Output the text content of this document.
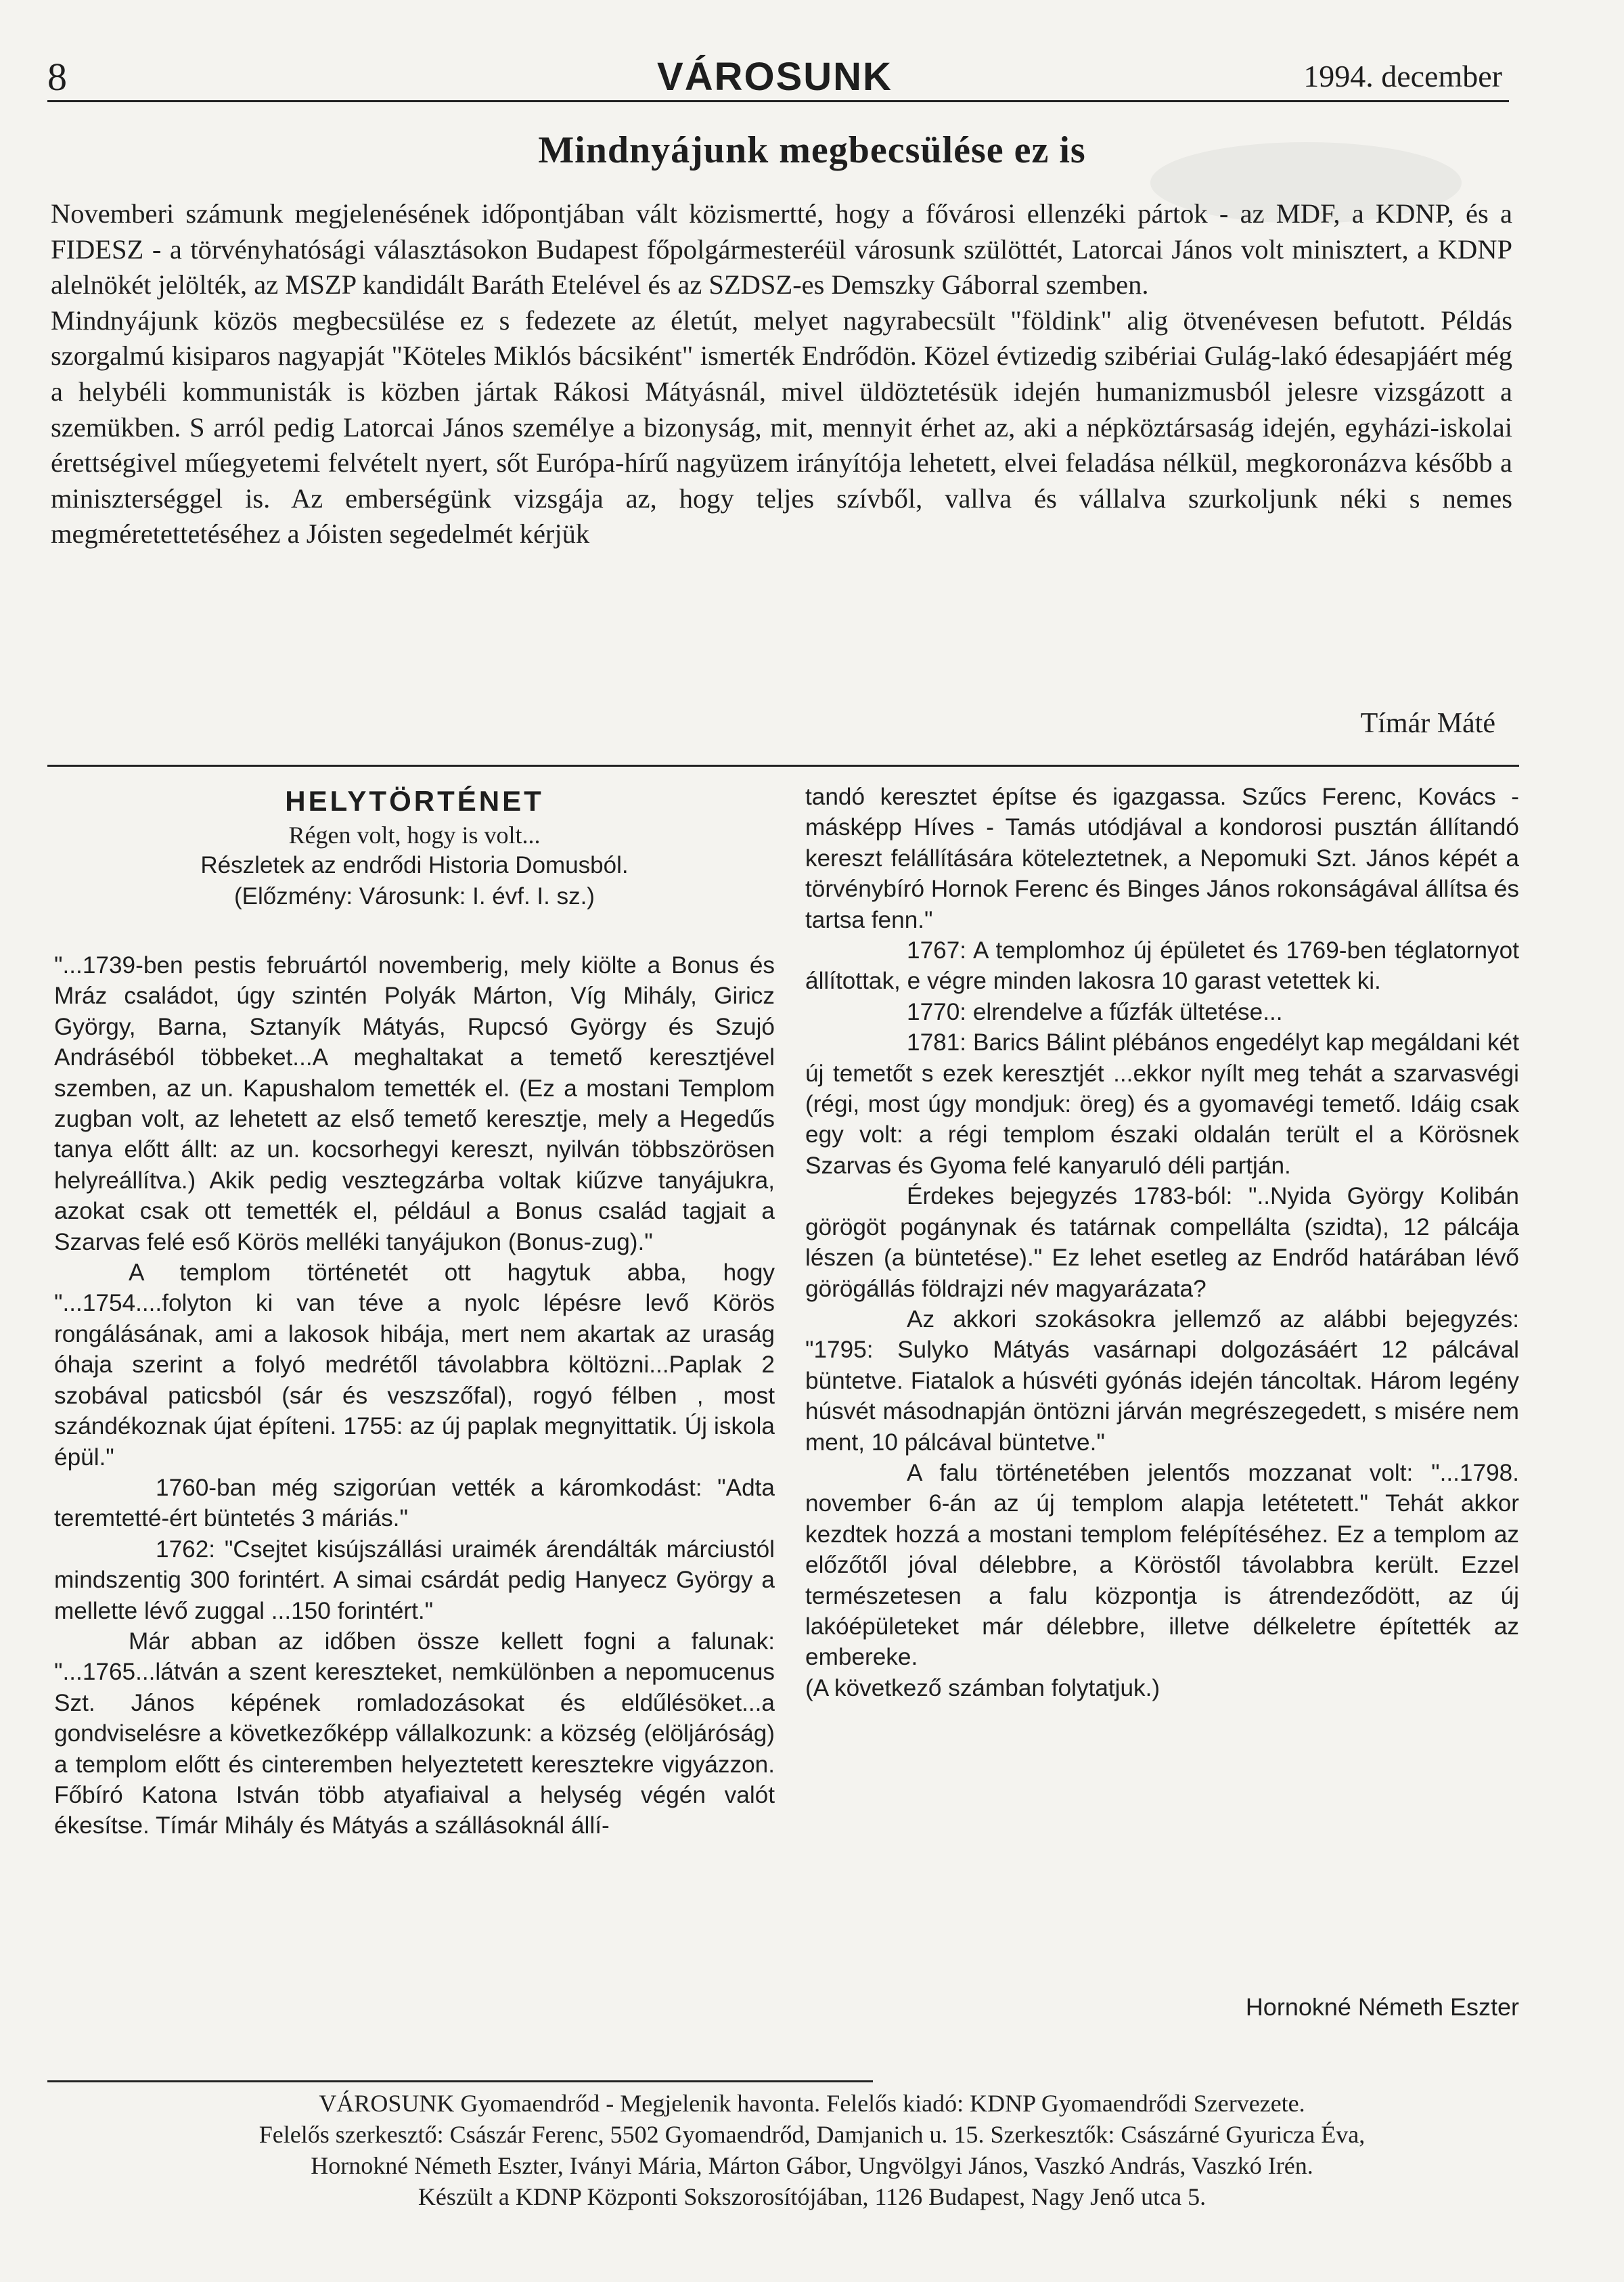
8	VÁROSUNK	1994. december
Mindnyájunk megbecsülése ez is

Novemberi számunk megjelenésének időpontjában vált közismertté, hogy a fővárosi ellenzéki pártok - az MDF, a KDNP, és a FIDESZ - a törvényhatósági választásokon Budapest főpolgármesteréül városunk szülöttét, Latorcai János volt minisztert, a KDNP alelnökét jelölték, az MSZP kandidált Baráth Etelével és az SZDSZ-es Demszky Gáborral szemben.

Mindnyájunk közös megbecsülése ez s fedezete az életút, melyet nagyrabecsült "földink" alig ötvenévesen befutott. Példás szorgalmú kisiparos nagyapját "Köteles Miklós bácsiként" ismerték Endrődön. Közel évtizedig szibériai Gulág-lakó édesapjáért még a helybéli kommunisták is közben jártak Rákosi Mátyásnál, mivel üldöztetésük idején humanizmusból jelesre vizsgázott a szemükben. S arról pedig Latorcai János személye a bizonyság, mit, mennyit érhet az, aki a népköztársaság idején, egyházi-iskolai érettségivel műegyetemi felvételt nyert, sőt Európa-hírű nagyüzem irányítója lehetett, elvei feladása nélkül, megkoronázva később a miniszterséggel is. Az emberségünk vizsgája az, hogy teljes szívből, vallva és vállalva szurkoljunk néki s nemes megméretettetéséhez a Jóisten segedelmét kérjük

Tímár Máté
HELYTÖRTÉNET
Régen volt, hogy is volt...
Részletek az endrődi Historia Domusból.
(Előzmény: Városunk: I. évf. I. sz.)

"...1739-ben pestis februártól novemberig, mely kiölte a Bonus és Mráz családot, úgy szintén Polyák Márton, Víg Mihály, Giricz György, Barna, Sztanyík Mátyás, Rupcsó György és Szujó Andráséból többeket...A meghaltakat a temető keresztjével szemben, az un. Kapushalom temették el. (Ez a mostani Templom zugban volt, az lehetett az első temető keresztje, mely a Hegedűs tanya előtt állt: az un. kocsorhegyi kereszt, nyilván többszörösen helyreállítva.) Akik pedig vesztegzárba voltak kiűzve tanyájukra, azokat csak ott temették el, például a Bonus család tagjait a Szarvas felé eső Körös melléki tanyájukon (Bonus-zug)."

A templom történetét ott hagytuk abba, hogy "...1754....folyton ki van téve a nyolc lépésre levő Körös rongálásának, ami a lakosok hibája, mert nem akartak az uraság óhaja szerint a folyó medrétől távolabbra költözni...Paplak 2 szobával paticsból (sár és veszszőfal), rogyó félben , most szándékoznak újat építeni. 1755: az új paplak megnyittatik. Új iskola épül."

1760-ban még szigorúan vették a káromkodást: "Adta teremtetté-ért büntetés 3 máriás."

1762: "Csejtet kisújszállási uraimék árendálták márciustól mindszentig 300 forintért. A simai csárdát pedig Hanyecz György a mellette lévő zuggal ...150 forintért."

Már abban az időben össze kellett fogni a falunak: "...1765...látván a szent kereszteket, nemkülönben a nepomucenus Szt. János képének romladozásokat és eldűlésöket...a gondviselésre a következőképp vállalkozunk: a község (elöljáróság) a templom előtt és cinteremben helyeztetett keresztekre vigyázzon. Főbíró Katona István több atyafiaival a helység végén valót ékesítse. Tímár Mihály és Mátyás a szállásoknál állí-

tandó keresztet építse és igazgassa. Szűcs Ferenc, Kovács - másképp Híves - Tamás utódjával a kondorosi pusztán állítandó kereszt felállítására köteleztetnek, a Nepomuki Szt. János képét a törvénybíró Hornok Ferenc és Binges János rokonságával állítsa és tartsa fenn."

1767: A templomhoz új épületet és 1769-ben téglatornyot állítottak, e végre minden lakosra 10 garast vetettek ki.

1770: elrendelve a fűzfák ültetése...

1781: Barics Bálint plébános engedélyt kap megáldani két új temetőt s ezek keresztjét ...ekkor nyílt meg tehát a szarvasvégi (régi, most úgy mondjuk: öreg) és a gyomavégi temető. Idáig csak egy volt: a régi templom északi oldalán terült el a Körösnek Szarvas és Gyoma felé kanyaruló déli partján.

Érdekes bejegyzés 1783-ból: "..Nyida György Kolibán görögöt pogánynak és tatárnak compellálta (szidta), 12 pálcája lészen (a büntetése)." Ez lehet esetleg az Endrőd határában lévő görögállás földrajzi név magyarázata?

Az akkori szokásokra jellemző az alábbi bejegyzés: "1795: Sulyko Mátyás vasárnapi dolgozásáért 12 pálcával büntetve. Fiatalok a húsvéti gyónás idején táncoltak. Három legény húsvét másodnapján öntözni járván megrészegedett, s misére nem ment, 10 pálcával büntetve."

A falu történetében jelentős mozzanat volt: "...1798. november 6-án az új templom alapja letétetett." Tehát akkor kezdtek hozzá a mostani templom felépítéséhez. Ez a templom az előzőtől jóval délebbre, a Köröstől távolabbra került. Ezzel természetesen a falu központja is átrendeződött, az új lakóépületeket már délebbre, illetve délkeletre építették az embereke.

(A következő számban folytatjuk.)

Hornokné Németh Eszter
VÁROSUNK Gyomaendrőd - Megjelenik havonta. Felelős kiadó: KDNP Gyomaendrődi Szervezete.
Felelős szerkesztő: Császár Ferenc, 5502 Gyomaendrőd, Damjanich u. 15. Szerkesztők: Császárné Gyuricza Éva,
Hornokné Németh Eszter, Iványi Mária, Márton Gábor, Ungvölgyi János, Vaszkó András, Vaszkó Irén.
Készült a KDNP Központi Sokszorosítójában, 1126 Budapest, Nagy Jenő utca 5.
